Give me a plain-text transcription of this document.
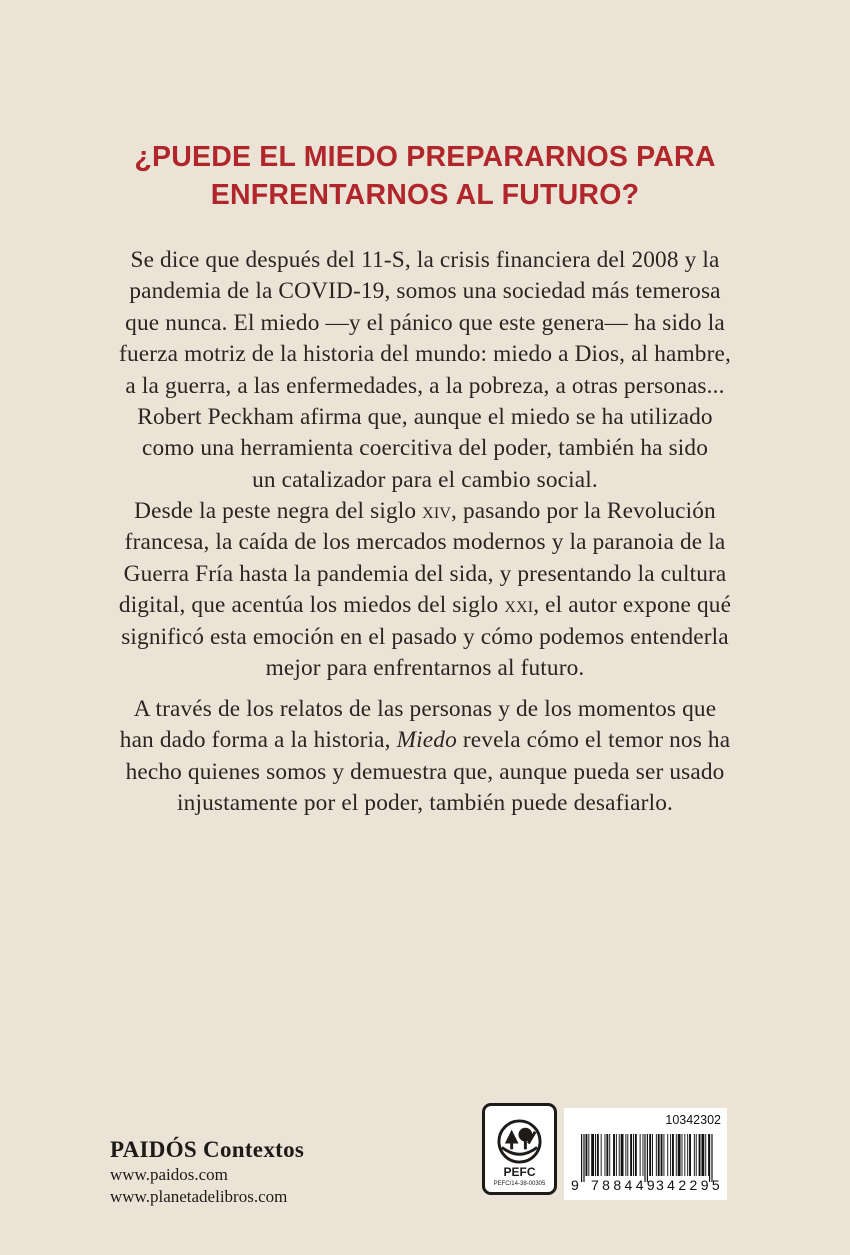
¿PUEDE EL MIEDO PREPARARNOS PARA
ENFRENTARNOS AL FUTURO?
Se dice que después del 11-S, la crisis financiera del 2008 y la
pandemia de la COVID-19, somos una sociedad más temerosa
que nunca. El miedo —y el pánico que este genera— ha sido la
fuerza motriz de la historia del mundo: miedo a Dios, al hambre,
a la guerra, a las enfermedades, a la pobreza, a otras personas...
Robert Peckham afirma que, aunque el miedo se ha utilizado
como una herramienta coercitiva del poder, también ha sido
un catalizador para el cambio social.
Desde la peste negra del siglo xiv, pasando por la Revolución
francesa, la caída de los mercados modernos y la paranoia de la
Guerra Fría hasta la pandemia del sida, y presentando la cultura
digital, que acentúa los miedos del siglo xxi, el autor expone qué
significó esta emoción en el pasado y cómo podemos entenderla
mejor para enfrentarnos al futuro.
A través de los relatos de las personas y de los momentos que
han dado forma a la historia, Miedo revela cómo el temor nos ha
hecho quienes somos y demuestra que, aunque pueda ser usado
injustamente por el poder, también puede desafiarlo.
PAIDÓS Contextos
www.paidos.com
www.planetadelibros.com
PEFC
PEFC/14-38-00305
10342302
9 788449
342295
